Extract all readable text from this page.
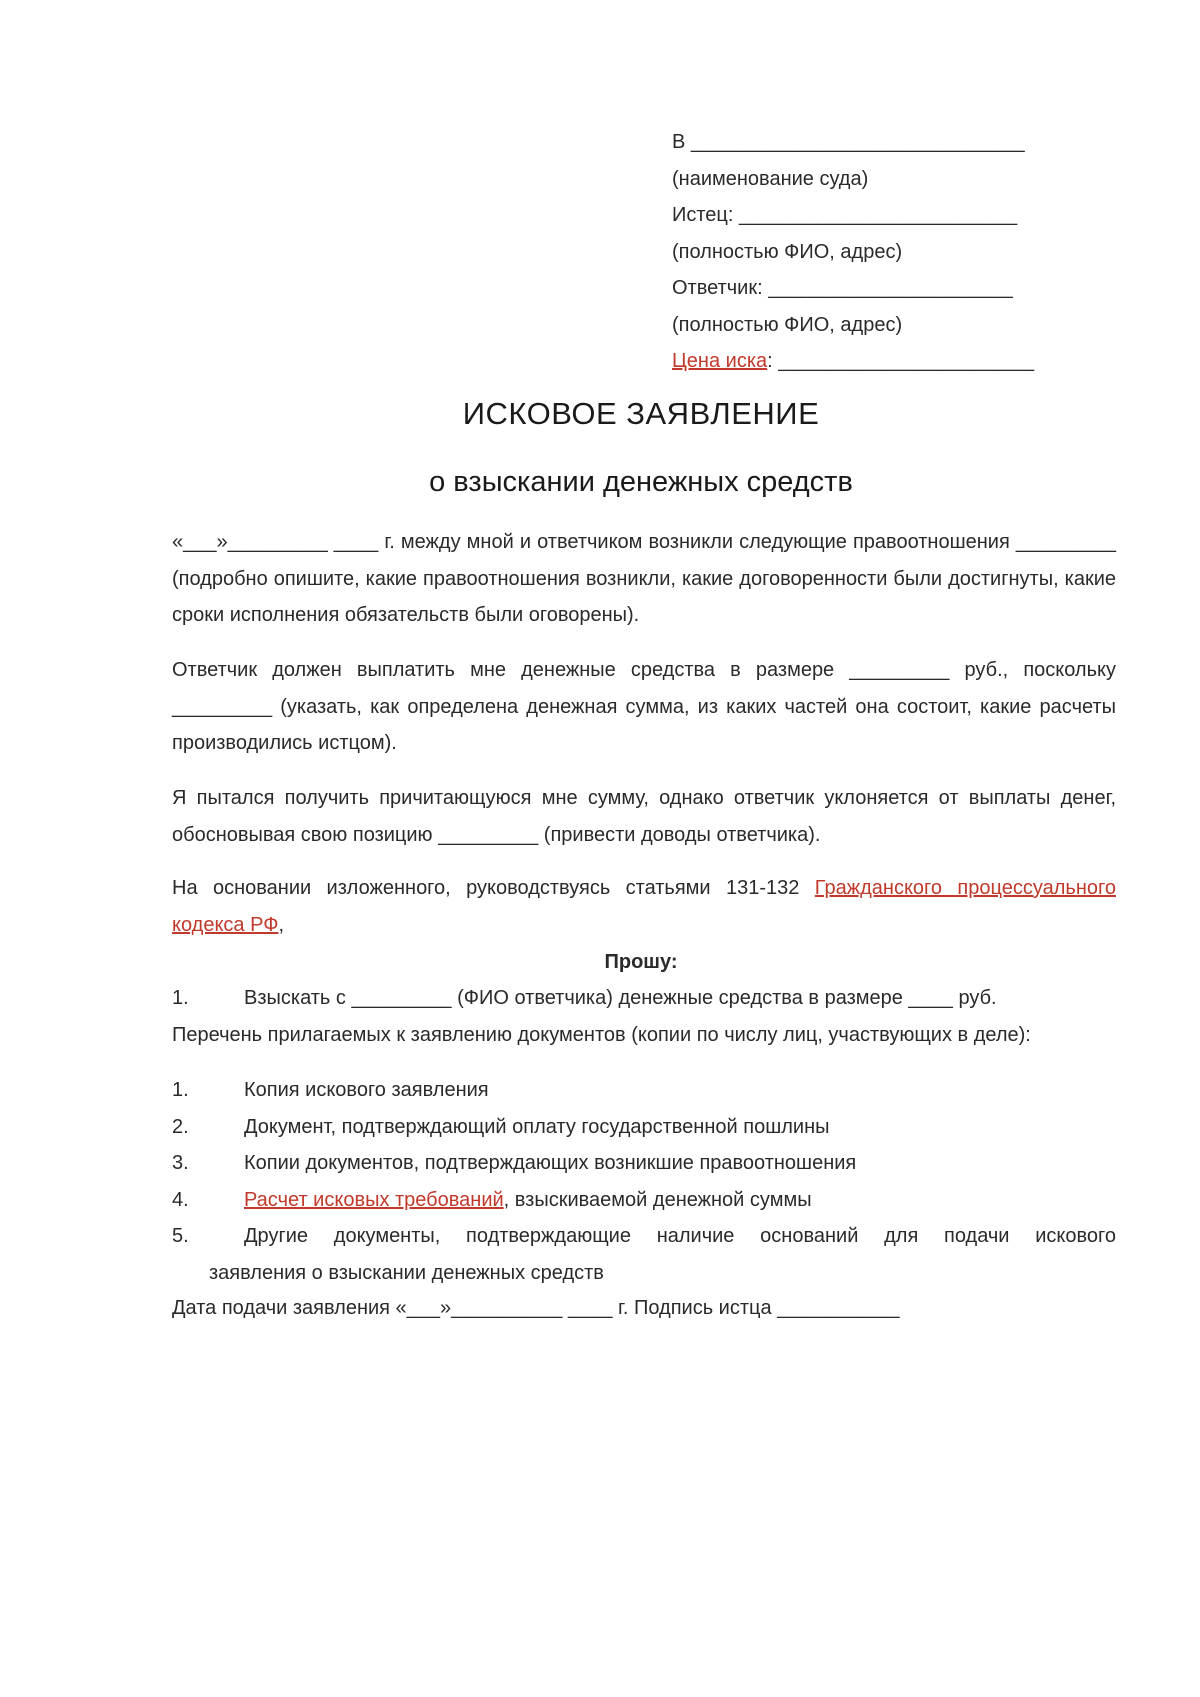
В ______________________________
(наименование суда)
Истец: _________________________
(полностью ФИО, адрес)
Ответчик: ______________________
(полностью ФИО, адрес)
Цена иска: _______________________
ИСКОВОЕ ЗАЯВЛЕНИЕ
о взыскании денежных средств

«___»_________ ____ г. между мной и ответчиком возникли следующие правоотношения _________ (подробно опишите, какие правоотношения возникли, какие договоренности были достигнуты, какие сроки исполнения обязательств были оговорены).

Ответчик должен выплатить мне денежные средства в размере _________ руб., поскольку _________ (указать, как определена денежная сумма, из каких частей она состоит, какие расчеты производились истцом).

Я пытался получить причитающуюся мне сумму, однако ответчик уклоняется от выплаты денег, обосновывая свою позицию _________ (привести доводы ответчика).

На основании изложенного, руководствуясь статьями 131-132 Гражданского процессуального кодекса РФ,

Прошу:
1.	Взыскать с _________ (ФИО ответчика) денежные средства в размере ____ руб.
Перечень прилагаемых к заявлению документов (копии по числу лиц, участвующих в деле):
1.	Копия искового заявления
2.	Документ, подтверждающий оплату государственной пошлины
3.	Копии документов, подтверждающих возникшие правоотношения
4.	Расчет исковых требований, взыскиваемой денежной суммы
5.	Другие документы, подтверждающие наличие оснований для подачи искового
заявления о взыскании денежных средств
Дата подачи заявления «___»__________ ____ г. Подпись истца ___________
